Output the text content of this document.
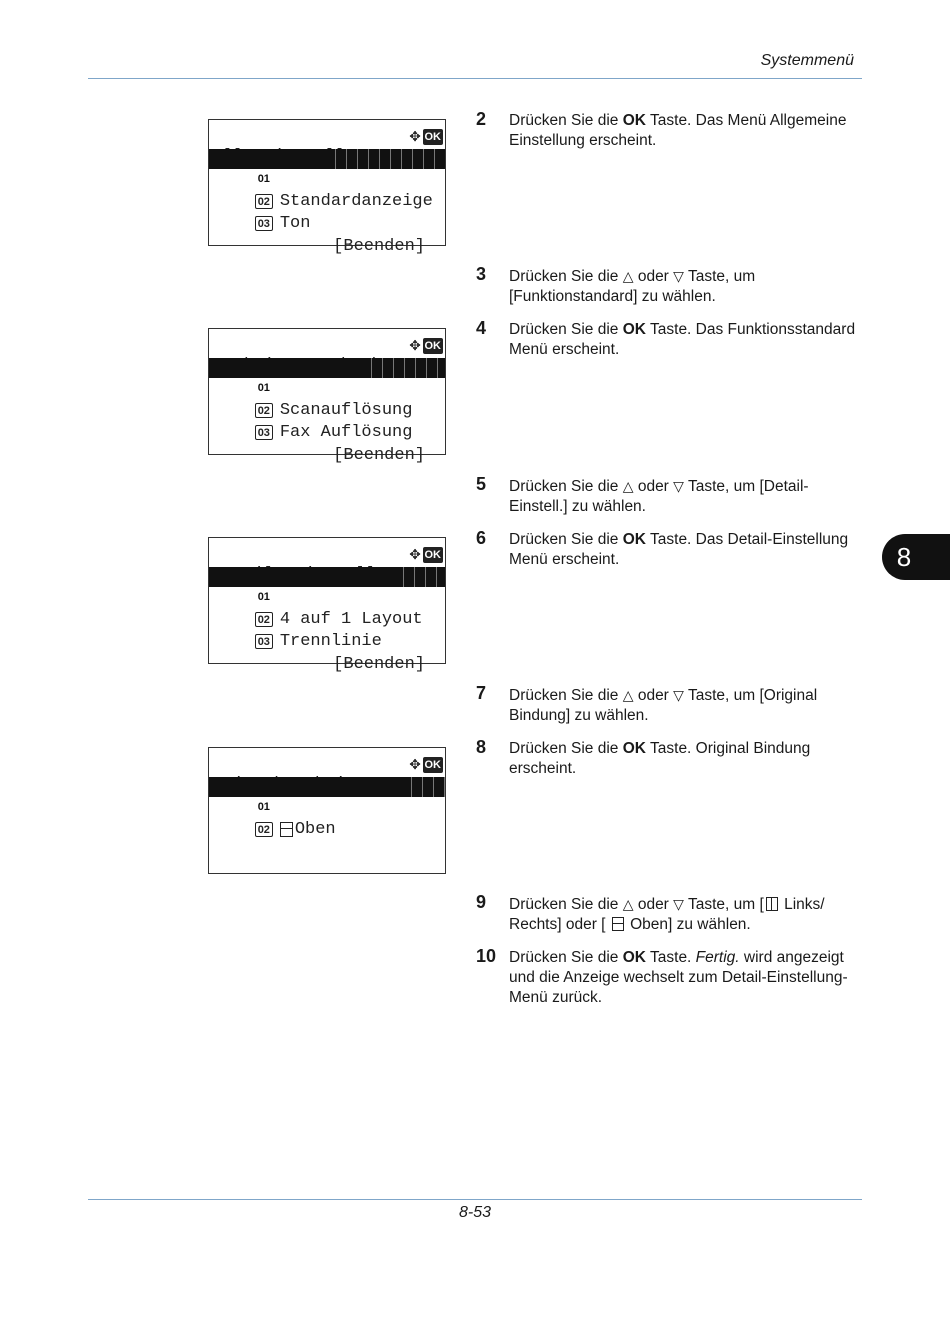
Systemmenü

✥ OK

01 Sprache

02 Standardanzeige

03 Ton

[Beenden]

✥ OK

01 Farbauswahl

02 Scanauflösung

03 Fax Auflösung

[Beenden]

✥ OK

01 2 auf 1 Layout

02 4 auf 1 Layout

03 Trennlinie

[Beenden]

✥ OK

01 * Links/Rechts

02 Oben

2 Drücken Sie die OK Taste. Das Menü Allgemeine Einstellung erscheint.
3 Drücken Sie die △ oder ▽ Taste, um [Funktionstandard] zu wählen.
4 Drücken Sie die OK Taste. Das Funktionsstandard Menü erscheint.
5 Drücken Sie die △ oder ▽ Taste, um [Detail-Einstell.] zu wählen.
6 Drücken Sie die OK Taste. Das Detail-Einstellung Menü erscheint.
7 Drücken Sie die △ oder ▽ Taste, um [Original Bindung] zu wählen.
8 Drücken Sie die OK Taste. Original Bindung erscheint.
9 Drücken Sie die △ oder ▽ Taste, um [ Links/ Rechts] oder [  Oben] zu wählen.
10 Drücken Sie die OK Taste. Fertig. wird angezeigt und die Anzeige wechselt zum Detail-Einstellung-Menü zurück.
8
8-53
